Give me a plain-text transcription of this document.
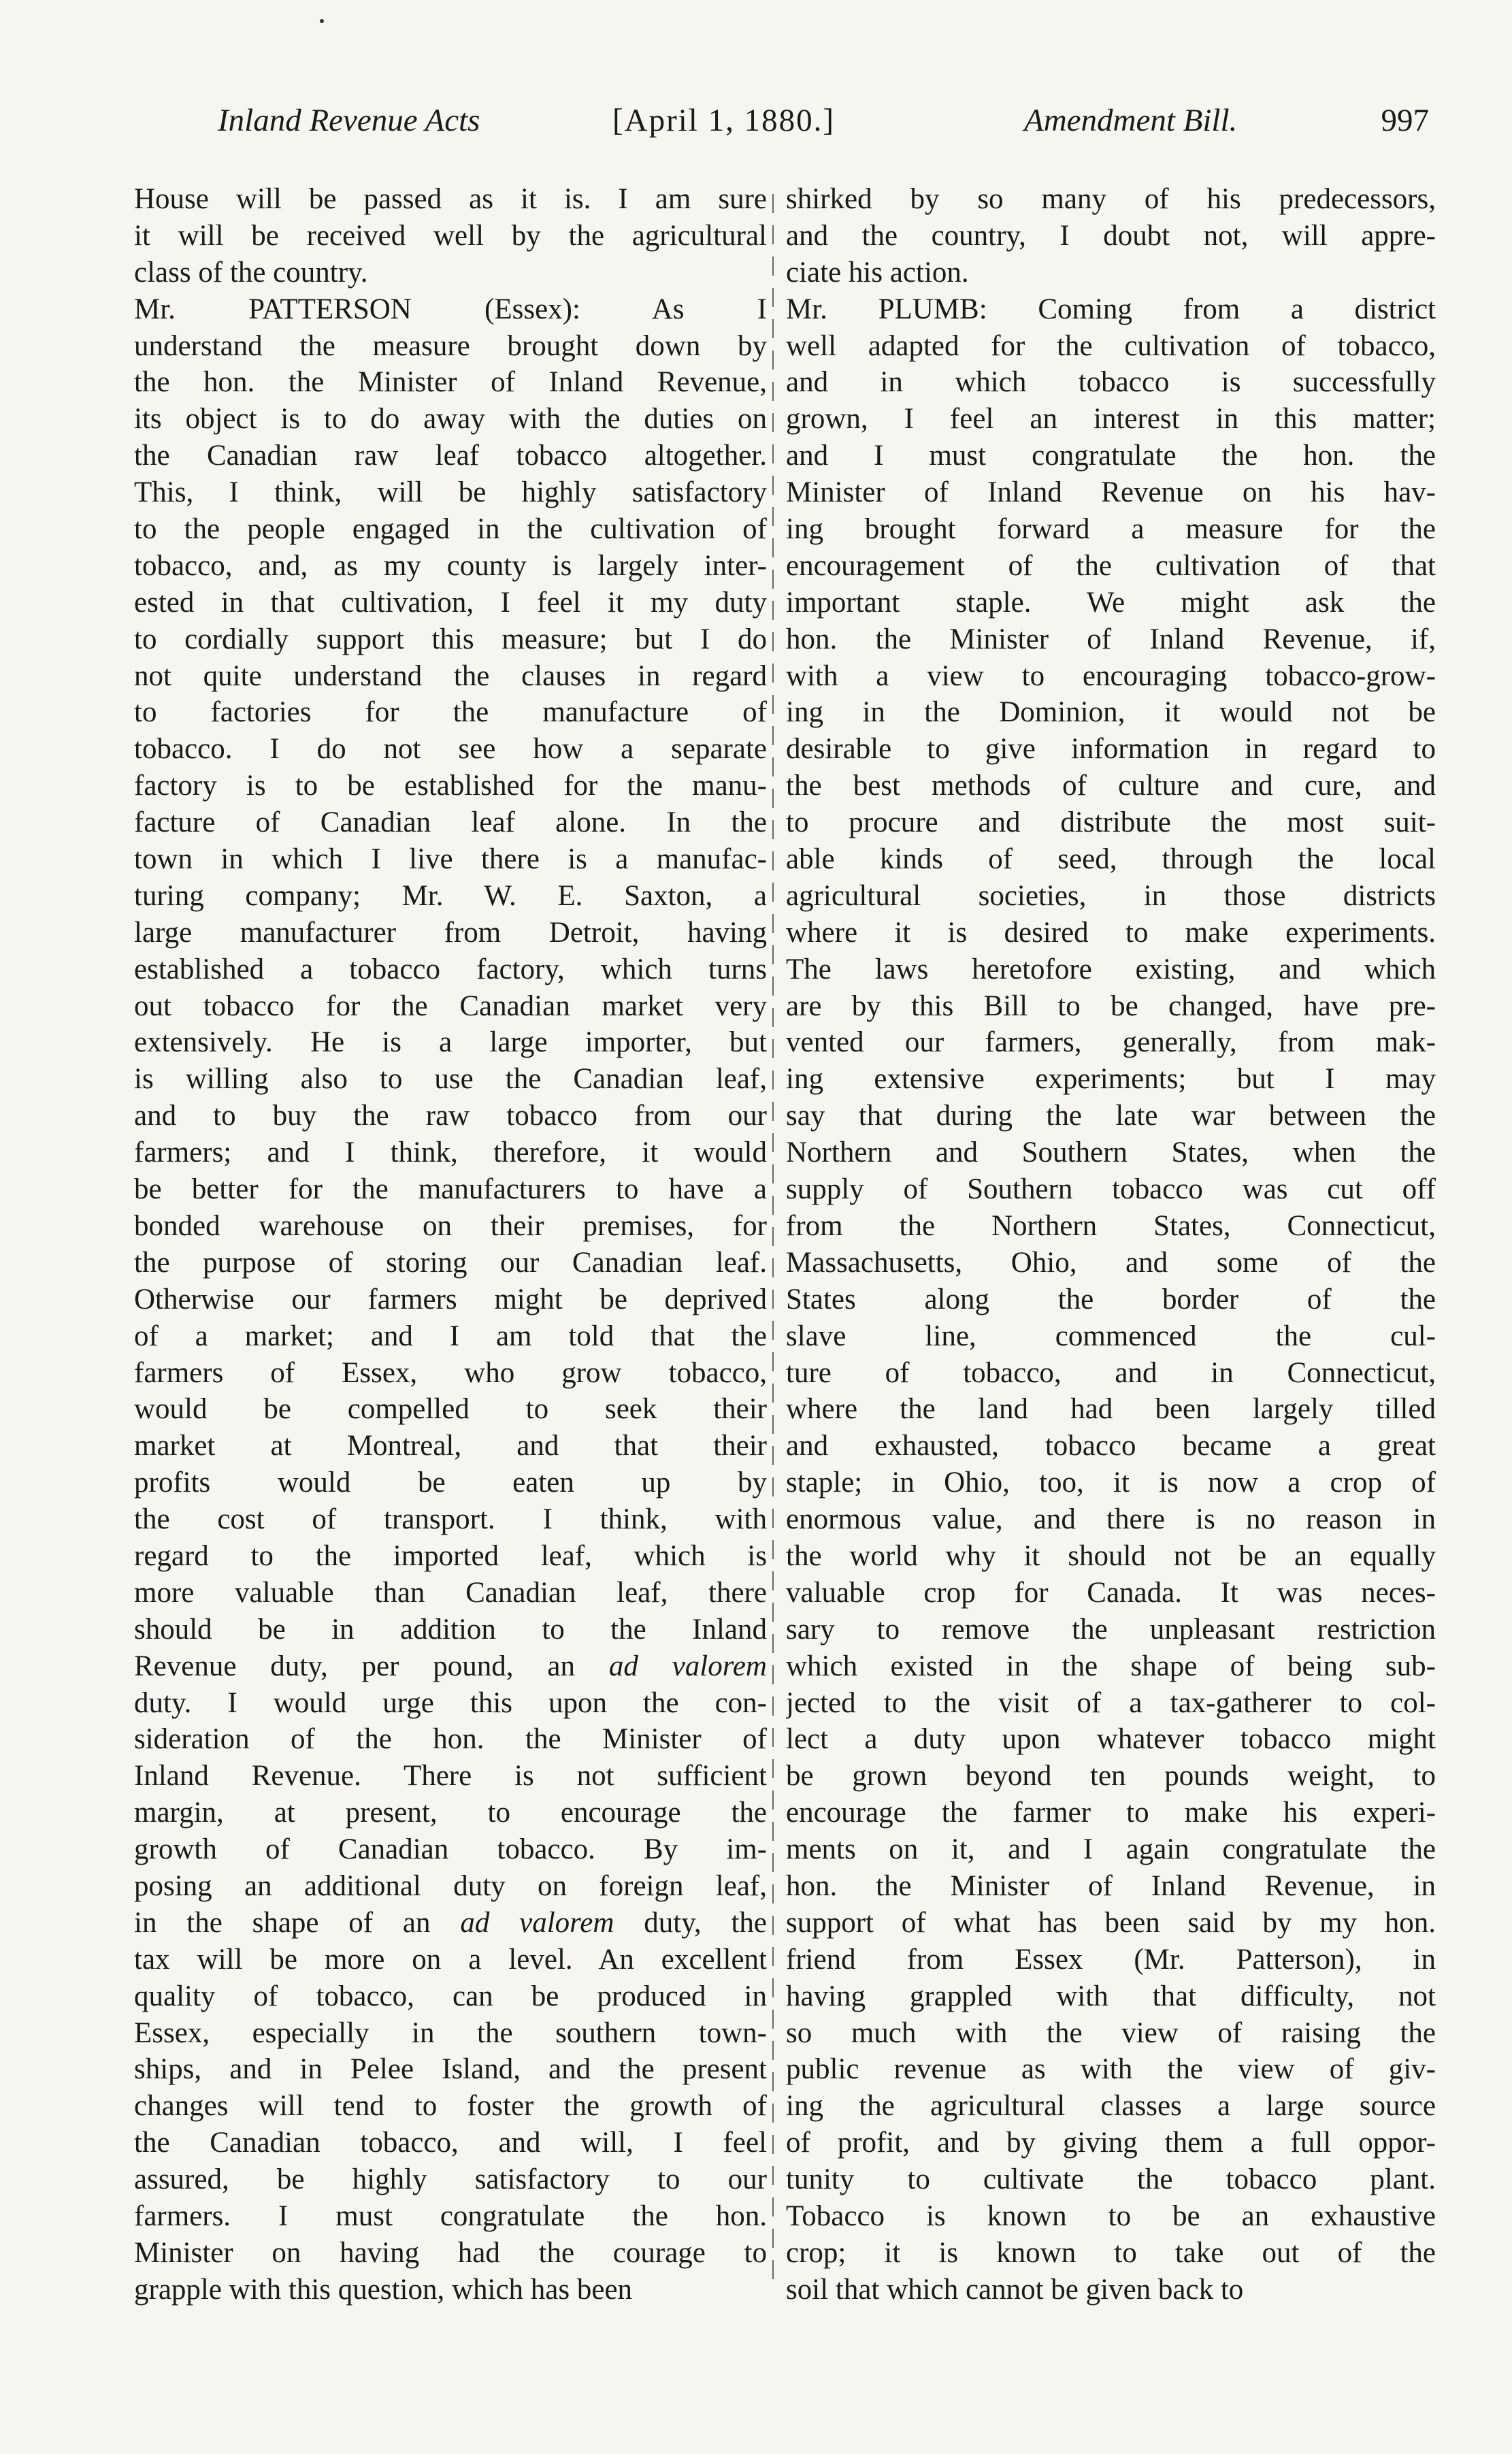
Inland Revenue Acts	[April 1, 1880.]	Amendment Bill.	997
House will be passed as it is. I am sure
it will be received well by the agricultural
class of the country.
Mr. PATTERSON (Essex): As I
understand the measure brought down by
the hon. the Minister of Inland Revenue,
its object is to do away with the duties on
the Canadian raw leaf tobacco altogether.
This, I think, will be highly satisfactory
to the people engaged in the cultivation of
tobacco, and, as my county is largely inter-
ested in that cultivation, I feel it my duty
to cordially support this measure; but I do
not quite understand the clauses in regard
to factories for the manufacture of
tobacco. I do not see how a separate
factory is to be established for the manu-
facture of Canadian leaf alone. In the
town in which I live there is a manufac-
turing company; Mr. W. E. Saxton, a
large manufacturer from Detroit, having
established a tobacco factory, which turns
out tobacco for the Canadian market very
extensively. He is a large importer, but
is willing also to use the Canadian leaf,
and to buy the raw tobacco from our
farmers; and I think, therefore, it would
be better for the manufacturers to have a
bonded warehouse on their premises, for
the purpose of storing our Canadian leaf.
Otherwise our farmers might be deprived
of a market; and I am told that the
farmers of Essex, who grow tobacco,
would be compelled to seek their
market at Montreal, and that their
profits would be eaten up by
the cost of transport. I think, with
regard to the imported leaf, which is
more valuable than Canadian leaf, there
should be in addition to the Inland
Revenue duty, per pound, an ad valorem
duty. I would urge this upon the con-
sideration of the hon. the Minister of
Inland Revenue. There is not sufficient
margin, at present, to encourage the
growth of Canadian tobacco. By im-
posing an additional duty on foreign leaf,
in the shape of an ad valorem duty, the
tax will be more on a level. An excellent
quality of tobacco, can be produced in
Essex, especially in the southern town-
ships, and in Pelee Island, and the present
changes will tend to foster the growth of
the Canadian tobacco, and will, I feel
assured, be highly satisfactory to our
farmers. I must congratulate the hon.
Minister on having had the courage to
grapple with this question, which has been
shirked by so many of his predecessors,
and the country, I doubt not, will appre-
ciate his action.
Mr. PLUMB: Coming from a district
well adapted for the cultivation of tobacco,
and in which tobacco is successfully
grown, I feel an interest in this matter;
and I must congratulate the hon. the
Minister of Inland Revenue on his hav-
ing brought forward a measure for the
encouragement of the cultivation of that
important staple. We might ask the
hon. the Minister of Inland Revenue, if,
with a view to encouraging tobacco-grow-
ing in the Dominion, it would not be
desirable to give information in regard to
the best methods of culture and cure, and
to procure and distribute the most suit-
able kinds of seed, through the local
agricultural societies, in those districts
where it is desired to make experiments.
The laws heretofore existing, and which
are by this Bill to be changed, have pre-
vented our farmers, generally, from mak-
ing extensive experiments; but I may
say that during the late war between the
Northern and Southern States, when the
supply of Southern tobacco was cut off
from the Northern States, Connecticut,
Massachusetts, Ohio, and some of the
States along the border of the
slave line, commenced the cul-
ture of tobacco, and in Connecticut,
where the land had been largely tilled
and exhausted, tobacco became a great
staple; in Ohio, too, it is now a crop of
enormous value, and there is no reason in
the world why it should not be an equally
valuable crop for Canada. It was neces-
sary to remove the unpleasant restriction
which existed in the shape of being sub-
jected to the visit of a tax-gatherer to col-
lect a duty upon whatever tobacco might
be grown beyond ten pounds weight, to
encourage the farmer to make his experi-
ments on it, and I again congratulate the
hon. the Minister of Inland Revenue, in
support of what has been said by my hon.
friend from Essex (Mr. Patterson), in
having grappled with that difficulty, not
so much with the view of raising the
public revenue as with the view of giv-
ing the agricultural classes a large source
of profit, and by giving them a full oppor-
tunity to cultivate the tobacco plant.
Tobacco is known to be an exhaustive
crop; it is known to take out of the
soil that which cannot be given back to
